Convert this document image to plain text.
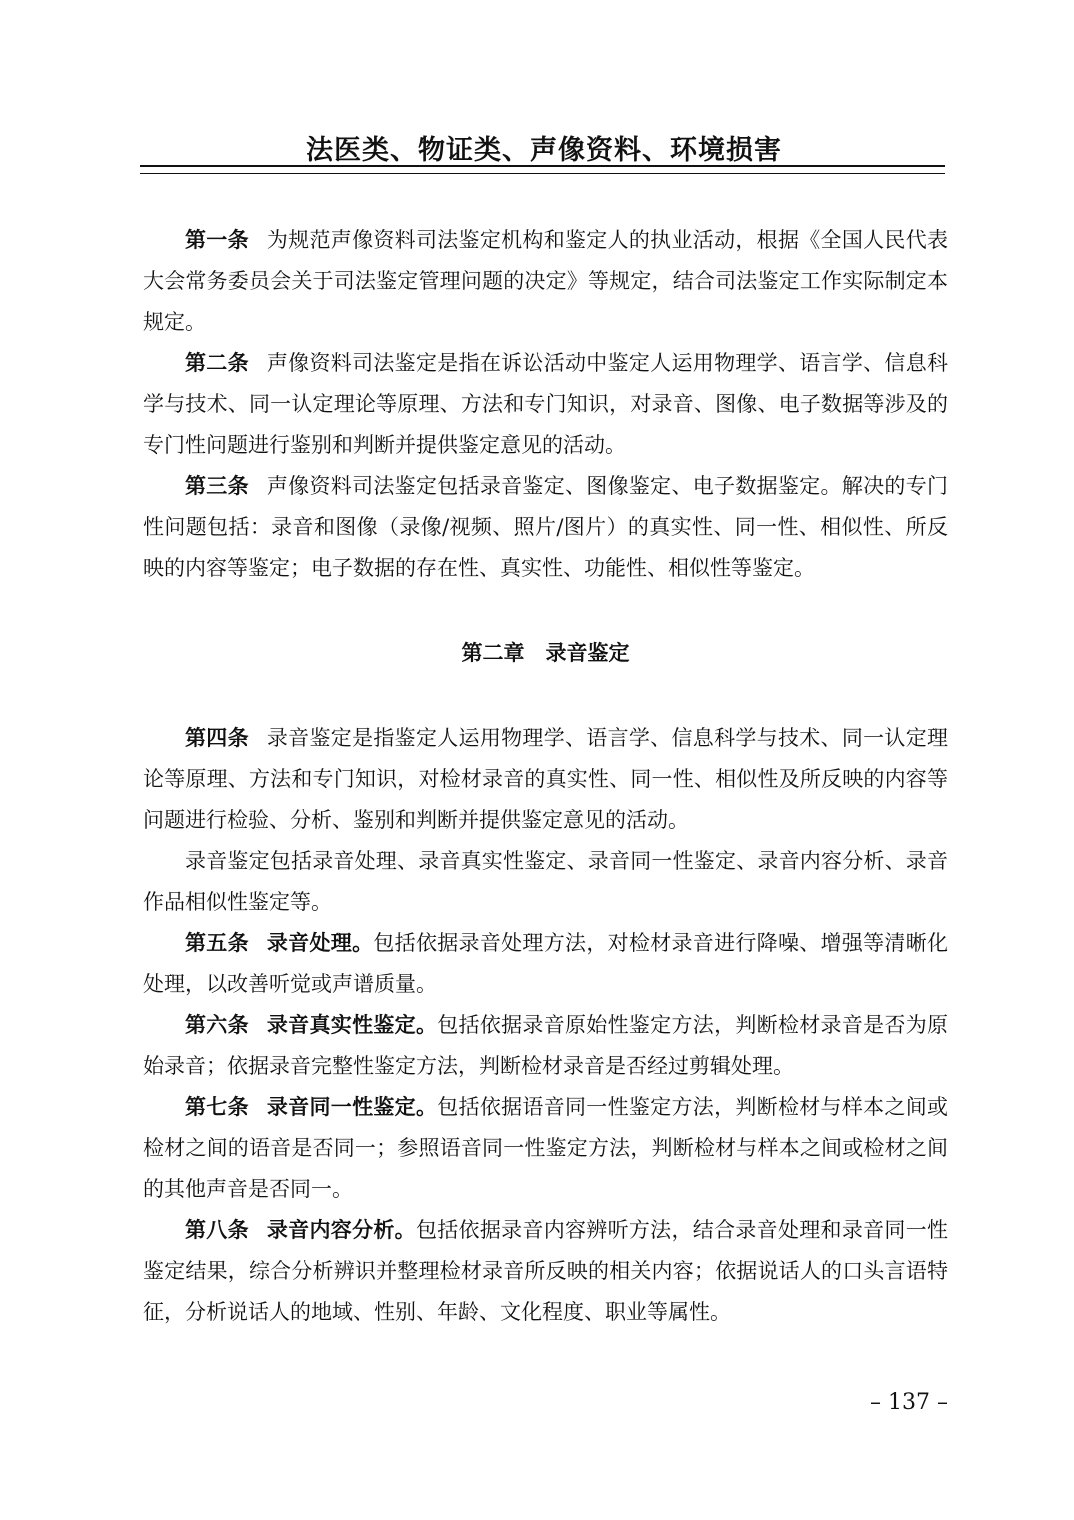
法医类、物证类、声像资料、环境损害

第一条 为规范声像资料司法鉴定机构和鉴定人的执业活动，根据《全国人民代表大会常务委员会关于司法鉴定管理问题的决定》等规定，结合司法鉴定工作实际制定本规定。

第二条 声像资料司法鉴定是指在诉讼活动中鉴定人运用物理学、语言学、信息科学与技术、同一认定理论等原理、方法和专门知识，对录音、图像、电子数据等涉及的专门性问题进行鉴别和判断并提供鉴定意见的活动。

第三条 声像资料司法鉴定包括录音鉴定、图像鉴定、电子数据鉴定。解决的专门性问题包括：录音和图像（录像/视频、照片/图片）的真实性、同一性、相似性、所反映的内容等鉴定；电子数据的存在性、真实性、功能性、相似性等鉴定。

第二章　录音鉴定

第四条 录音鉴定是指鉴定人运用物理学、语言学、信息科学与技术、同一认定理论等原理、方法和专门知识，对检材录音的真实性、同一性、相似性及所反映的内容等问题进行检验、分析、鉴别和判断并提供鉴定意见的活动。

录音鉴定包括录音处理、录音真实性鉴定、录音同一性鉴定、录音内容分析、录音作品相似性鉴定等。

第五条 录音处理。包括依据录音处理方法，对检材录音进行降噪、增强等清晰化处理，以改善听觉或声谱质量。

第六条 录音真实性鉴定。包括依据录音原始性鉴定方法，判断检材录音是否为原始录音；依据录音完整性鉴定方法，判断检材录音是否经过剪辑处理。

第七条 录音同一性鉴定。包括依据语音同一性鉴定方法，判断检材与样本之间或检材之间的语音是否同一；参照语音同一性鉴定方法，判断检材与样本之间或检材之间的其他声音是否同一。

第八条 录音内容分析。包括依据录音内容辨听方法，结合录音处理和录音同一性鉴定结果，综合分析辨识并整理检材录音所反映的相关内容；依据说话人的口头言语特征，分析说话人的地域、性别、年龄、文化程度、职业等属性。

– 137 –
